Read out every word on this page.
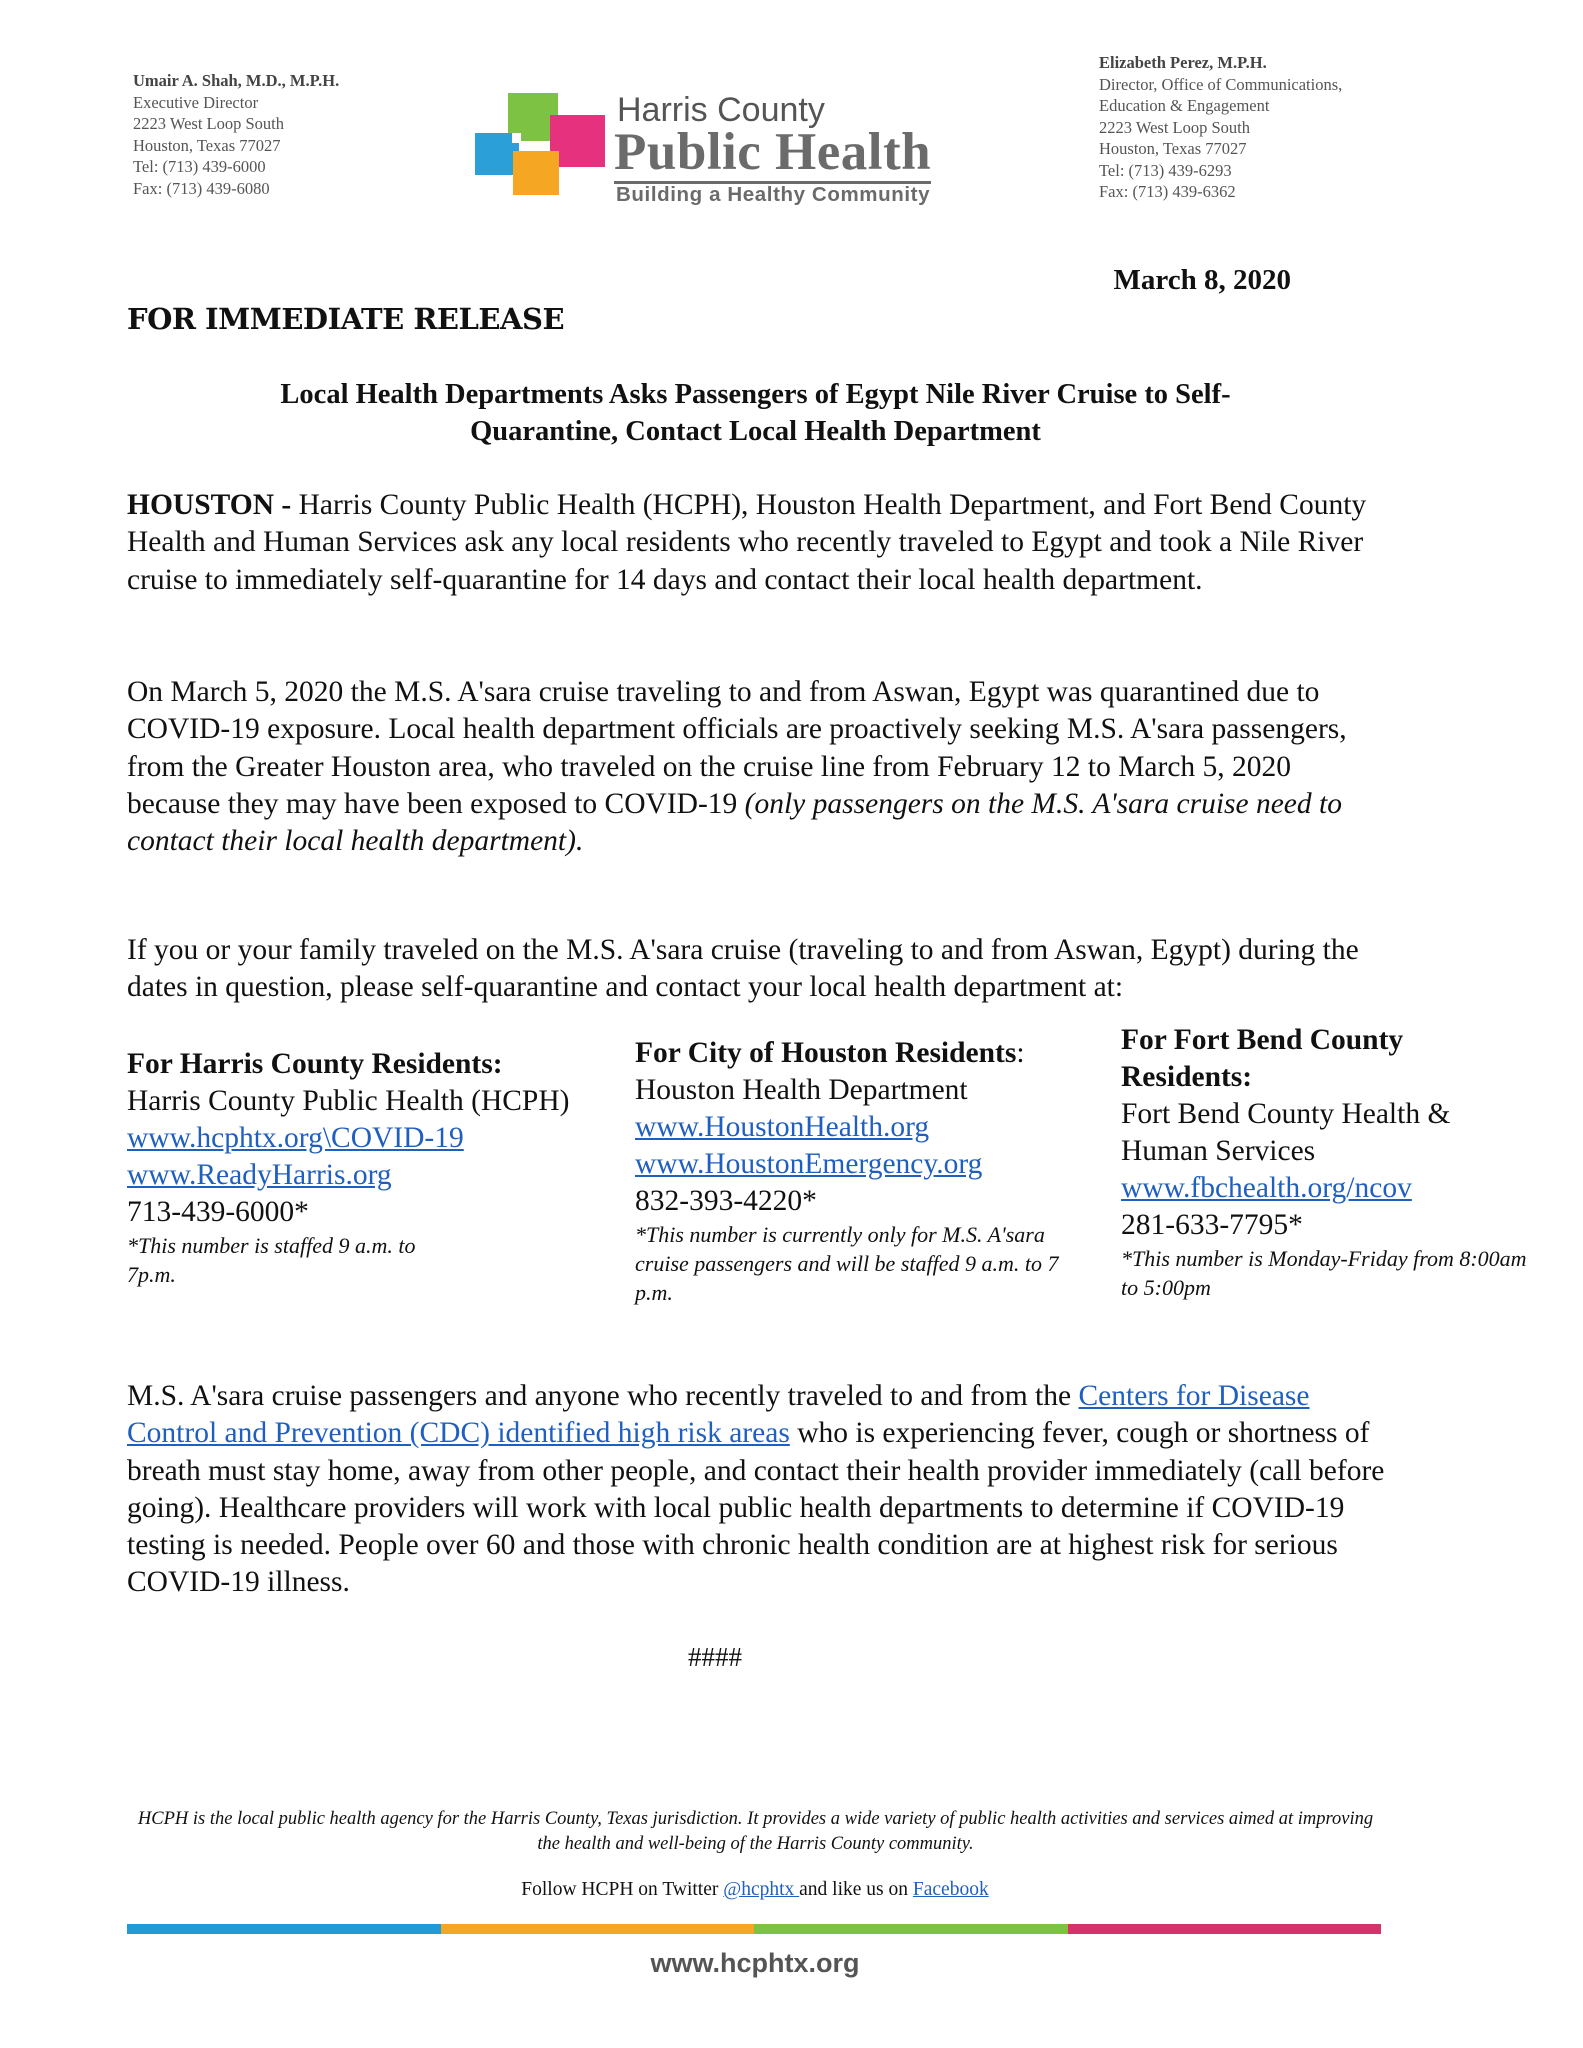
Umair A. Shah, M.D., M.P.H.
Executive Director
2223 West Loop South
Houston, Texas 77027
Tel: (713) 439-6000
Fax: (713) 439-6080
Harris County
Public Health
Building a Healthy Community
Elizabeth Perez, M.P.H.
Director, Office of Communications,
Education & Engagement
2223 West Loop South
Houston, Texas 77027
Tel: (713) 439-6293
Fax: (713) 439-6362
March 8, 2020
FOR IMMEDIATE RELEASE
Local Health Departments Asks Passengers of Egypt Nile River Cruise to Self-
Quarantine, Contact Local Health Department
HOUSTON - Harris County Public Health (HCPH), Houston Health Department, and Fort Bend County Health and Human Services ask any local residents who recently traveled to Egypt and took a Nile River cruise to immediately self-quarantine for 14 days and contact their local health department.
On March 5, 2020 the M.S. A'sara cruise traveling to and from Aswan, Egypt was quarantined due to COVID-19 exposure. Local health department officials are proactively seeking M.S. A'sara passengers, from the Greater Houston area, who traveled on the cruise line from February 12 to March 5, 2020 because they may have been exposed to COVID-19 (only passengers on the M.S. A'sara cruise need to contact their local health department).
If you or your family traveled on the M.S. A'sara cruise (traveling to and from Aswan, Egypt) during the dates in question, please self-quarantine and contact your local health department at:
For Harris County Residents:
Harris County Public Health (HCPH)
www.hcphtx.org\COVID-19
www.ReadyHarris.org
713-439-6000*
*This number is staffed 9 a.m. to 7p.m.
For City of Houston Residents:
Houston Health Department
www.HoustonHealth.org
www.HoustonEmergency.org
832-393-4220*
*This number is currently only for M.S. A'sara cruise passengers and will be staffed 9 a.m. to 7 p.m.
For Fort Bend County Residents:
Fort Bend County Health & Human Services
www.fbchealth.org/ncov
281-633-7795*
*This number is Monday-Friday from 8:00am to 5:00pm
M.S. A'sara cruise passengers and anyone who recently traveled to and from the Centers for Disease Control and Prevention (CDC) identified high risk areas who is experiencing fever, cough or shortness of breath must stay home, away from other people, and contact their health provider immediately (call before going). Healthcare providers will work with local public health departments to determine if COVID-19 testing is needed. People over 60 and those with chronic health condition are at highest risk for serious COVID-19 illness.
####
HCPH is the local public health agency for the Harris County, Texas jurisdiction. It provides a wide variety of public health activities and services aimed at improving the health and well-being of the Harris County community.
Follow HCPH on Twitter @hcphtx and like us on Facebook
www.hcphtx.org
